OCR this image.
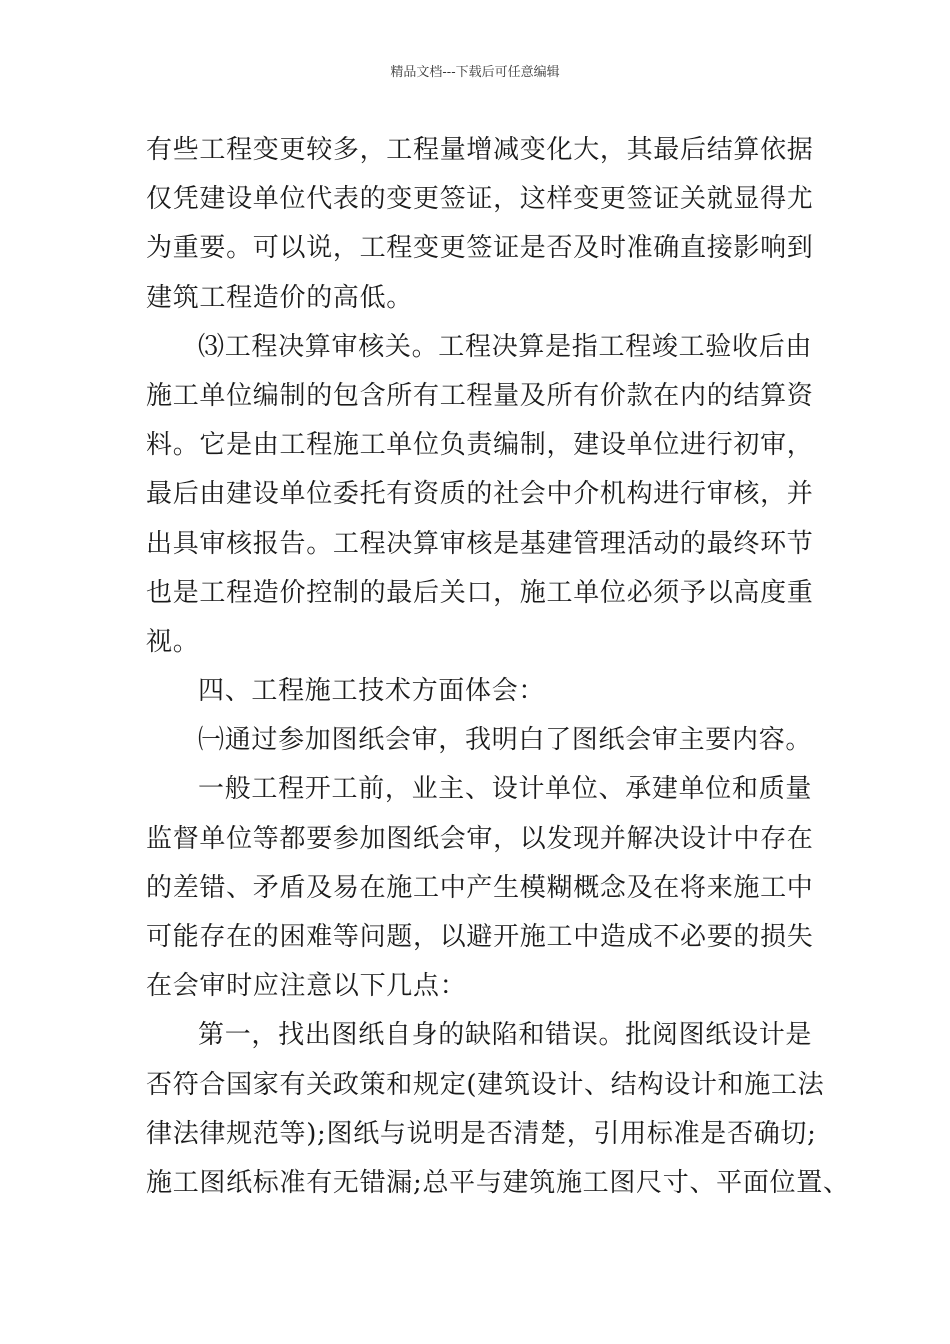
精品文档---下载后可任意编辑

有些工程变更较多，工程量增减变化大，其最后结算依据
仅凭建设单位代表的变更签证，这样变更签证关就显得尤
为重要。可以说，工程变更签证是否及时准确直接影响到
建筑工程造价的高低。

⑶工程决算审核关。工程决算是指工程竣工验收后由
施工单位编制的包含所有工程量及所有价款在内的结算资
料。它是由工程施工单位负责编制，建设单位进行初审，
最后由建设单位委托有资质的社会中介机构进行审核，并
出具审核报告。工程决算审核是基建管理活动的最终环节
也是工程造价控制的最后关口，施工单位必须予以高度重
视。

四、工程施工技术方面体会：

㈠通过参加图纸会审，我明白了图纸会审主要内容。

一般工程开工前，业主、设计单位、承建单位和质量
监督单位等都要参加图纸会审，以发现并解决设计中存在
的差错、矛盾及易在施工中产生模糊概念及在将来施工中
可能存在的困难等问题，以避开施工中造成不必要的损失
在会审时应注意以下几点：

第一，找出图纸自身的缺陷和错误。批阅图纸设计是
否符合国家有关政策和规定(建筑设计、结构设计和施工法
律法律规范等);图纸与说明是否清楚，引用标准是否确切;
施工图纸标准有无错漏;总平与建筑施工图尺寸、平面位置、
